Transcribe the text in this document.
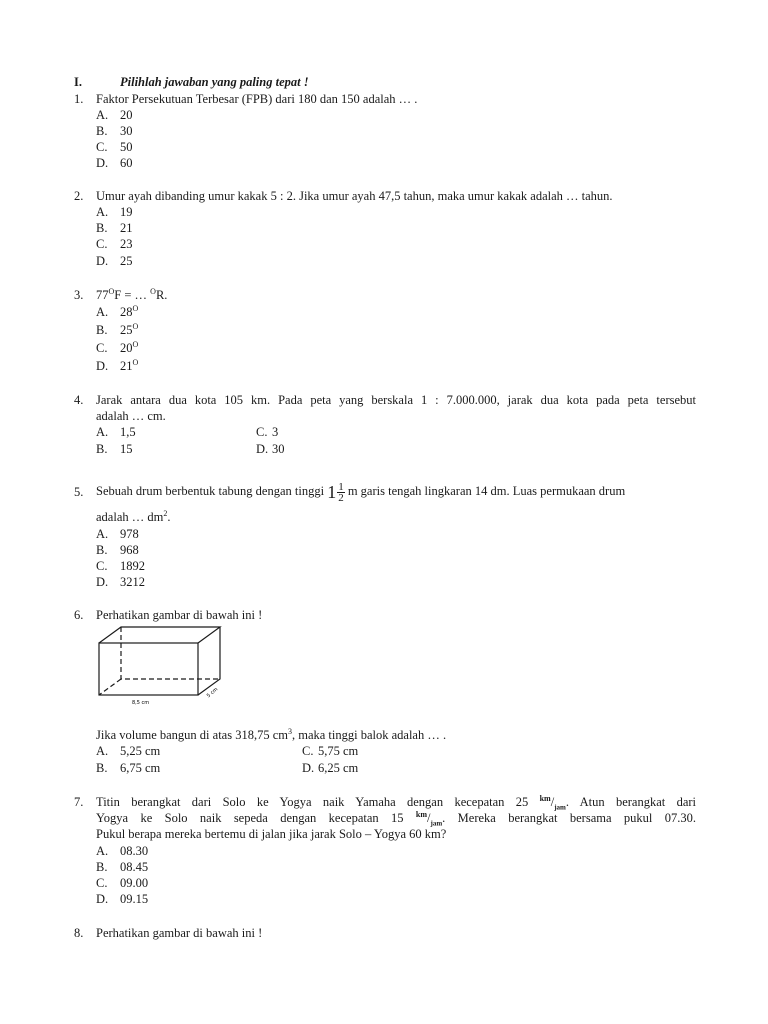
I.	Pilihlah jawaban yang paling tepat !
1. Faktor Persekutuan Terbesar (FPB) dari 180 dan 150 adalah … .
A. 20
B. 30
C. 50
D. 60
2. Umur ayah dibanding umur kakak 5 : 2. Jika umur ayah 47,5 tahun, maka umur kakak adalah … tahun.
A. 19
B. 21
C. 23
D. 25
3. $77^OF$ = … $^O$R.
A. $28^O$
B. $25^O$
C. $20^O$
D. $21^O$
4. Jarak antara dua kota 105 km. Pada peta yang berskala 1 : 7.000.000, jarak dua kota pada peta tersebut
adalah … cm.
A. 1,5	C. 3
B. 15	D. 30
5. Sebuah drum berbentuk tabung dengan tinggi $1 \frac{1}{2}$ m garis tengah lingkaran 14 dm. Luas permukaan drum
adalah … $dm^2$.
A. 978
B. 968
C. 1892
D. 3212
6. Perhatikan gambar di bawah ini !
8,5 cm
5 cm
Jika volume bangun di atas 318,75 $cm^3$, maka tinggi balok adalah … .
A. 5,25 cm	C. 5,75 cm
B. 6,75 cm	D. 6,25 cm
7. Titin berangkat dari Solo ke Yogya naik Yamaha dengan kecepatan 25 $^{km}/_{jam}$. Atun berangkat dari
Yogya ke Solo naik sepeda dengan kecepatan 15 $^{km}/_{jam}$. Mereka berangkat bersama pukul 07.30.
Pukul berapa mereka bertemu di jalan jika jarak Solo – Yogya 60 km?
A. 08.30
B. 08.45
C. 09.00
D. 09.15
8. Perhatikan gambar di bawah ini !
